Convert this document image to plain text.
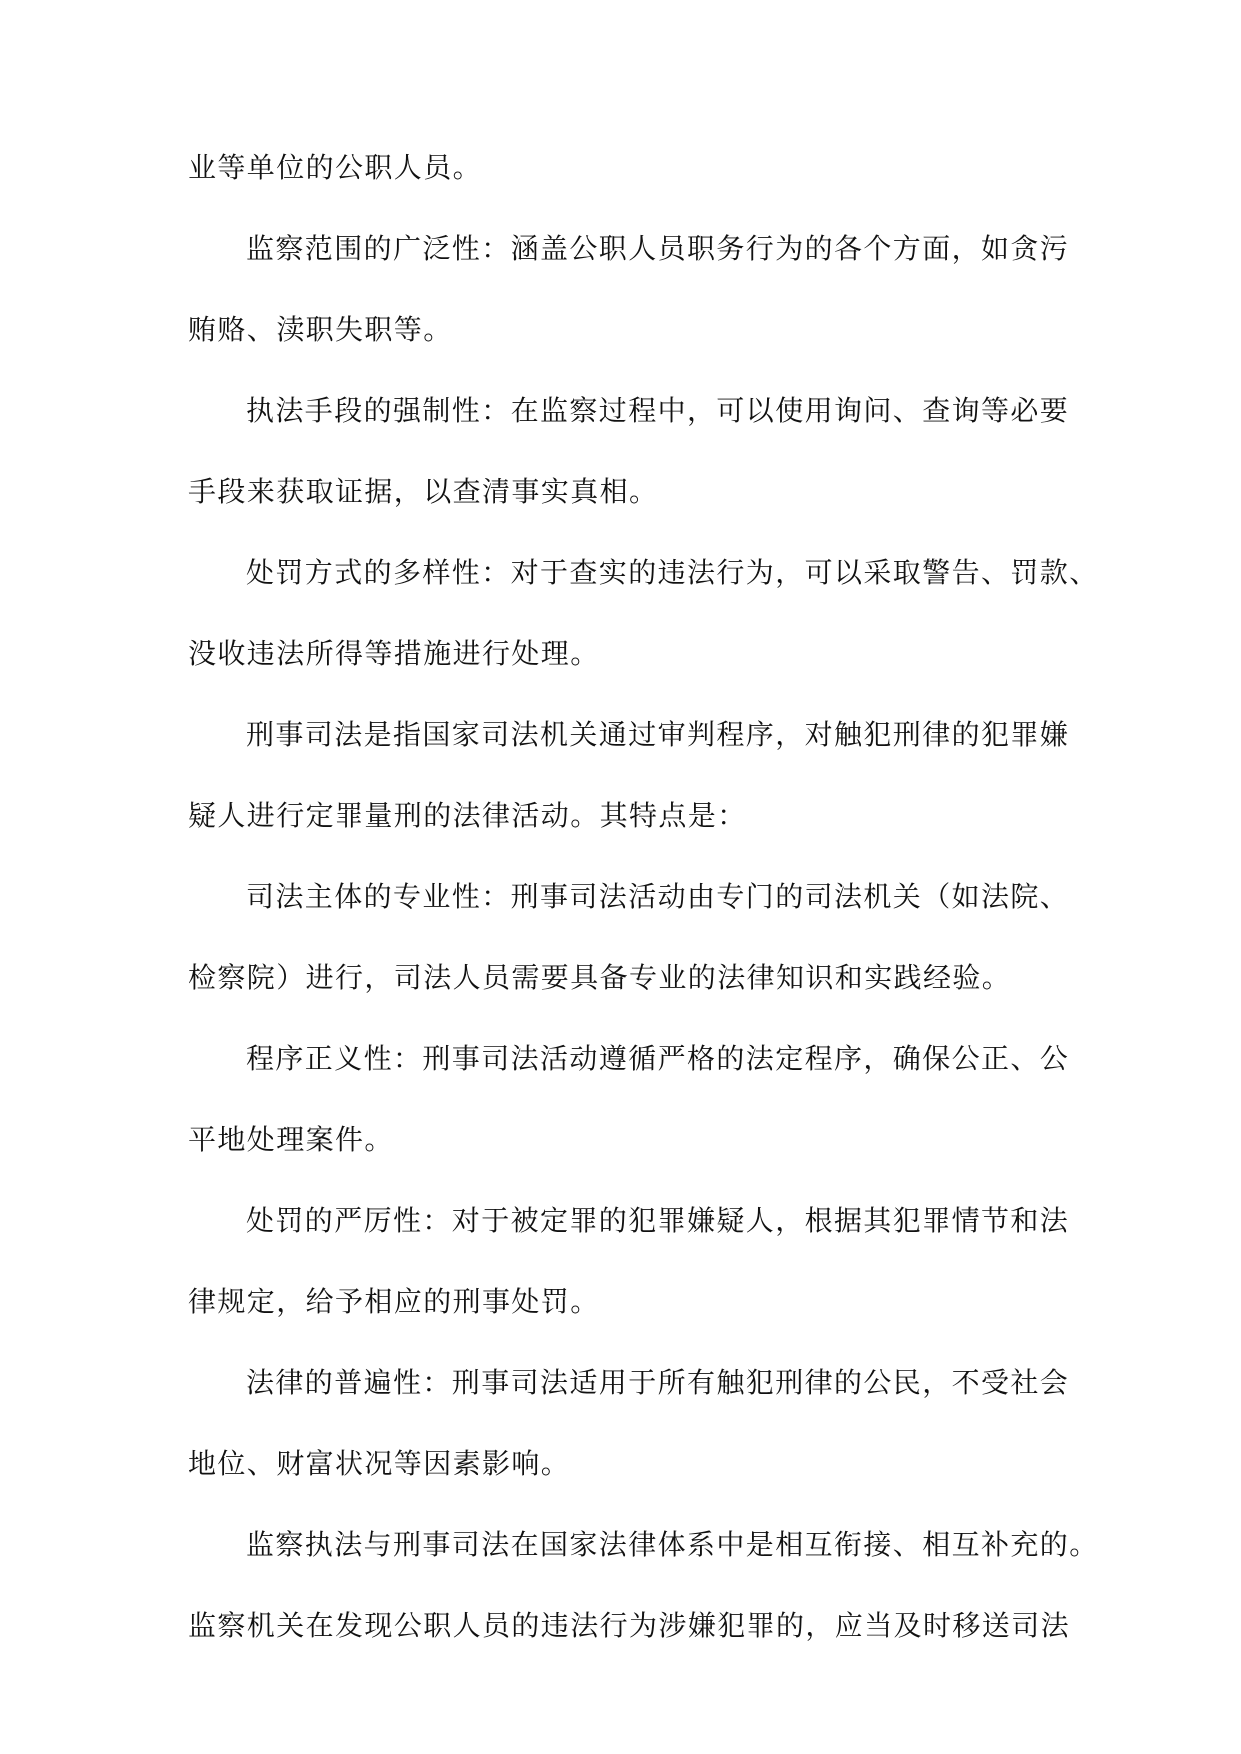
业等单位的公职人员。
监察范围的广泛性：涵盖公职人员职务行为的各个方面，如贪污
贿赂、渎职失职等。
执法手段的强制性：在监察过程中，可以使用询问、查询等必要
手段来获取证据，以查清事实真相。
处罚方式的多样性：对于查实的违法行为，可以采取警告、罚款、
没收违法所得等措施进行处理。
刑事司法是指国家司法机关通过审判程序，对触犯刑律的犯罪嫌
疑人进行定罪量刑的法律活动。其特点是：
司法主体的专业性：刑事司法活动由专门的司法机关（如法院、
检察院）进行，司法人员需要具备专业的法律知识和实践经验。
程序正义性：刑事司法活动遵循严格的法定程序，确保公正、公
平地处理案件。
处罚的严厉性：对于被定罪的犯罪嫌疑人，根据其犯罪情节和法
律规定，给予相应的刑事处罚。
法律的普遍性：刑事司法适用于所有触犯刑律的公民，不受社会
地位、财富状况等因素影响。
监察执法与刑事司法在国家法律体系中是相互衔接、相互补充的。
监察机关在发现公职人员的违法行为涉嫌犯罪的，应当及时移送司法
